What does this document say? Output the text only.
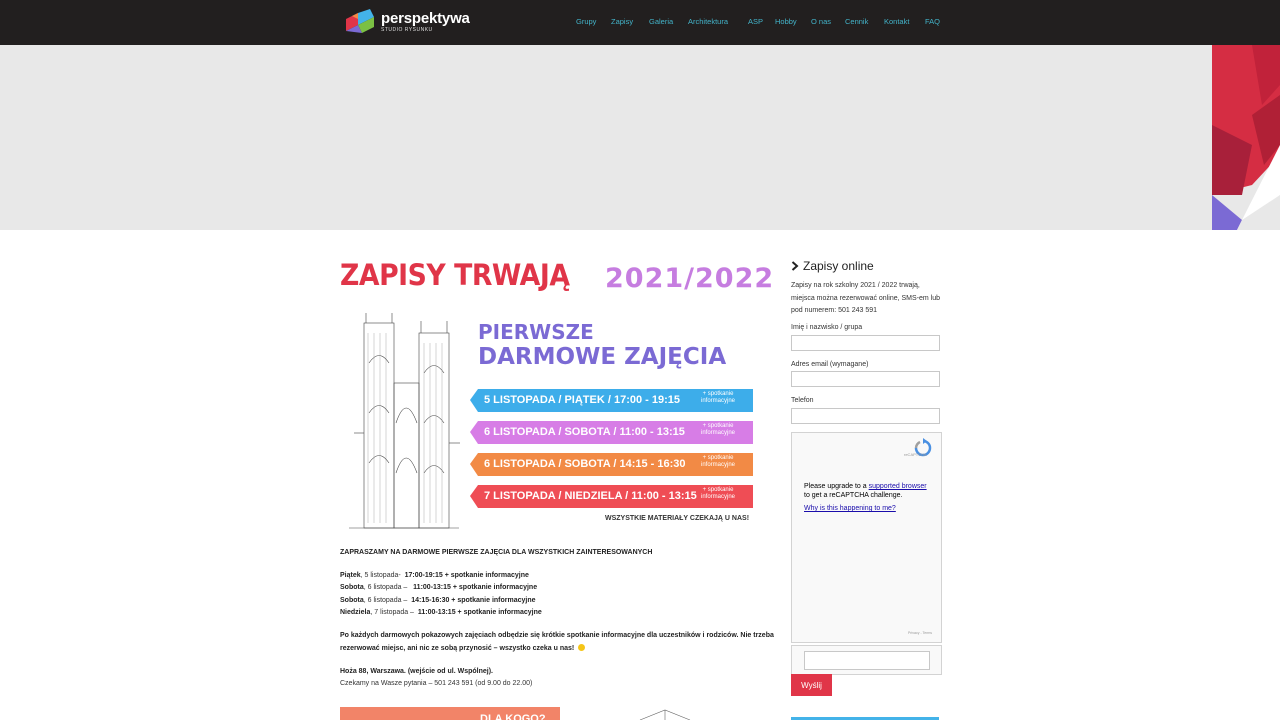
perspektywa
STUDIO RYSUNKU
Grupy Zapisy Galeria Architektura	ASP Hobby O nas Cennik Kontakt FAQ
ZAPISY TRWAJĄ 2021/2022
PIERWSZE
DARMOWE ZAJĘCIA
5 LISTOPADA / PIĄTEK / 17:00 - 19:15	+ spotkanie informacyjne
6 LISTOPADA / SOBOTA / 11:00 - 13:15	+ spotkanie informacyjne
6 LISTOPADA / SOBOTA / 14:15 - 16:30	+ spotkanie informacyjne
7 LISTOPADA / NIEDZIELA / 11:00 - 13:15 + spotkanie informacyjne
WSZYSTKIE MATERIAŁY CZEKAJĄ U NAS!
ZAPRASZAMY NA DARMOWE PIERWSZE ZAJĘCIA DLA WSZYSTKICH ZAINTERESOWANYCH
Piątek, 5 listopada- 17:00-19:15 + spotkanie informacyjne
Sobota, 6 listopada – 11:00-13:15 + spotkanie informacyjne
Sobota, 6 listopada – 14:15-16:30 + spotkanie informacyjne
Niedziela, 7 listopada – 11:00-13:15 + spotkanie informacyjne
Po każdych darmowych pokazowych zajęciach odbędzie się krótkie spotkanie informacyjne dla uczestników i rodziców. Nie trzeba
rezerwować miejsc, ani nic ze sobą przynosić – wszystko czeka u nas!
Hoża 88, Warszawa. (wejście od ul. Wspólnej).
Czekamy na Wasze pytania – 501 243 591 (od 9.00 do 22.00)
DLA KOGO?
Zapisy online
Zapisy na rok szkolny 2021 / 2022 trwają, miejsca można rezerwować online, SMS-em lub pod numerem: 501 243 591
Imię i nazwisko / grupa
Adres email (wymagane)
Telefon
reCAPTCHA
Please upgrade to a supported browser
to get a reCAPTCHA challenge.
Why is this happening to me?
Privacy - Terms
Wyślij
